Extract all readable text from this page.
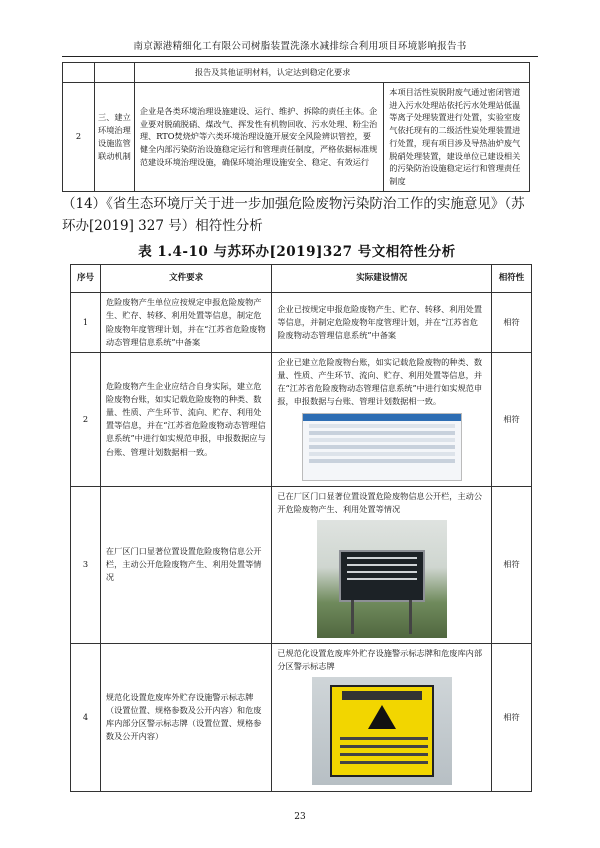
南京源港精细化工有限公司树脂装置洗涤水减排综合利用项目环境影响报告书
		报告及其他证明材料，认定达到稳定化要求	
2	三、建立环境治理设施监管联动机制	企业是各类环境治理设施建设、运行、维护、拆除的责任主体。企业要对脱硫脱硝、煤改气、挥发性有机物回收、污水处理、粉尘治理、RTO焚烧炉等六类环境治理设施开展安全风险辨识管控，要健全内部污染防治设施稳定运行和管理责任制度，严格依据标准规范建设环境治理设施，确保环境治理设施安全、稳定、有效运行	本项目活性炭脱附废气通过密闭管道进入污水处理站依托污水处理站低温等离子处理装置进行处置，实验室废气依托现有的二级活性炭处理装置进行处置，现有项目涉及导热油炉废气脱硝处理装置，建设单位已建设相关的污染防治设施稳定运行和管理责任制度
（14）《省生态环境厅关于进一步加强危险废物污染防治工作的实施意见》（苏环办[2019] 327 号）相符性分析
表 1.4-10 与苏环办[2019]327 号文相符性分析
序号	文件要求	实际建设情况	相符性
1	危险废物产生单位应按规定申报危险废物产生、贮存、转移、利用处置等信息，制定危险废物年度管理计划，并在“江苏省危险废物动态管理信息系统”中备案	企业已按规定申报危险废物产生、贮存、转移、利用处置等信息，并制定危险废物年度管理计划，并在“江苏省危险废物动态管理信息系统”中备案	相符
2	危险废物产生企业应结合自身实际，建立危险废物台账，如实记载危险废物的种类、数量、性质、产生环节、流向、贮存、利用处置等信息，并在“江苏省危险废物动态管理信息系统”中进行如实规范申报，申报数据应与台账、管理计划数据相一致。	企业已建立危险废物台账，如实记载危险废物的种类、数量、性质、产生环节、流向、贮存、利用处置等信息，并在“江苏省危险废物动态管理信息系统”中进行如实规范申报，申报数据与台账、管理计划数据相一致。	相符
3	在厂区门口显著位置设置危险废物信息公开栏，主动公开危险废物产生、利用处置等情况	已在厂区门口显著位置设置危险废物信息公开栏，主动公开危险废物产生、利用处置等情况	相符
4	规范化设置危废库外贮存设施警示标志牌（设置位置、规格参数及公开内容）和危废库内部分区警示标志牌（设置位置、规格参数及公开内容）	已规范化设置危废库外贮存设施警示标志牌和危废库内部分区警示标志牌	相符
23
